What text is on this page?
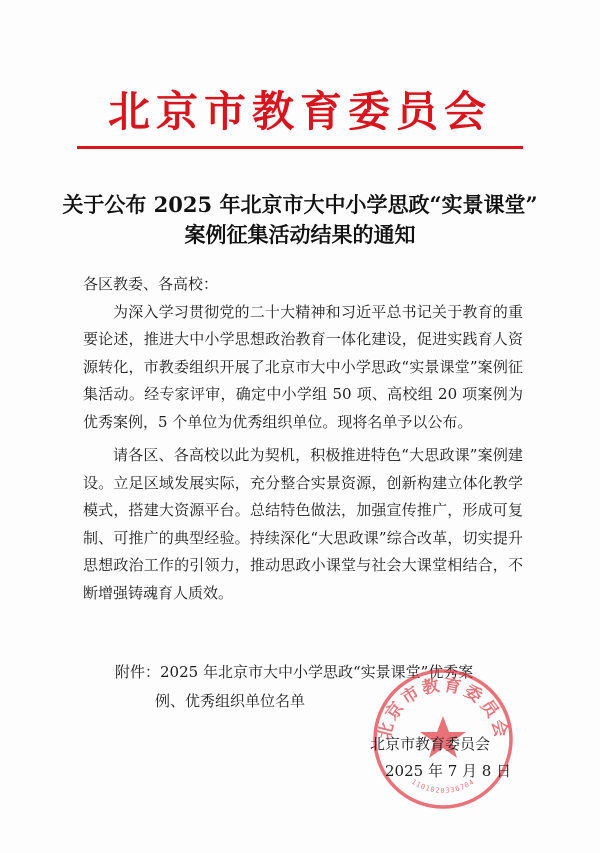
北京市教育委员会
关于公布 2025 年北京市大中小学思政“实景课堂”
案例征集活动结果的通知

各区教委、各高校：

为深入学习贯彻党的二十大精神和习近平总书记关于教育的重要论述，推进大中小学思想政治教育一体化建设，促进实践育人资源转化，市教委组织开展了北京市大中小学思政“实景课堂”案例征集活动。经专家评审，确定中小学组 50 项、高校组 20 项案例为优秀案例，5 个单位为优秀组织单位。现将名单予以公布。

请各区、各高校以此为契机，积极推进特色“大思政课”案例建设。立足区域发展实际，充分整合实景资源，创新构建立体化教学模式，搭建大资源平台。总结特色做法，加强宣传推广，形成可复制、可推广的典型经验。持续深化“大思政课”综合改革，切实提升思想政治工作的引领力，推动思政小课堂与社会大课堂相结合，不断增强铸魂育人质效。

附件：2025 年北京市大中小学思政“实景课堂”优秀案
例、优秀组织单位名单
北京市教育委员会
1101020336704
北京市教育委员会
2025 年 7 月 8 日
